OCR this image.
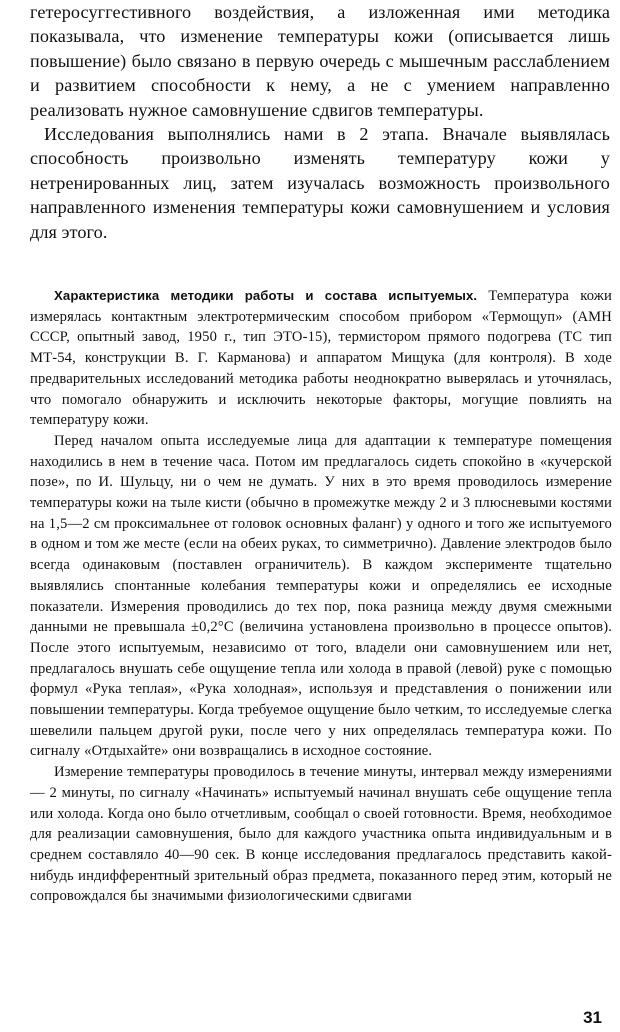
гетеросуггестивного воздействия, а изложенная ими методика показывала, что изменение температуры кожи (описывается лишь повышение) было связано в первую очередь с мышечным расслаблением и развитием способности к нему, а не с умением направленно реализовать нужное самовнушение сдвигов температуры.

Исследования выполнялись нами в 2 этапа. Вначале выявлялась способность произвольно изменять температуру кожи у нетренированных лиц, затем изучалась возможность произвольного направленного изменения температуры кожи самовнушением и условия для этого.

Характеристика методики работы и состава испытуемых. Температура кожи измерялась контактным электротермическим способом прибором «Термощуп» (АМН СССР, опытный завод, 1950 г., тип ЭТО-15), термистором прямого подогрева (ТС тип МТ-54, конструкции В. Г. Карманова) и аппаратом Мищука (для контроля). В ходе предварительных исследований методика работы неоднократно выверялась и уточнялась, что помогало обнаружить и исключить некоторые факторы, могущие повлиять на температуру кожи.

Перед началом опыта исследуемые лица для адаптации к температуре помещения находились в нем в течение часа. Потом им предлагалось сидеть спокойно в «кучерской позе», по И. Шульцу, ни о чем не думать. У них в это время проводилось измерение температуры кожи на тыле кисти (обычно в промежутке между 2 и 3 плюсневыми костями на 1,5—2 см проксимальнее от головок основных фаланг) у одного и того же испытуемого в одном и том же месте (если на обеих руках, то симметрично). Давление электродов было всегда одинаковым (поставлен ограничитель). В каждом эксперименте тщательно выявлялись спонтанные колебания температуры кожи и определялись ее исходные показатели. Измерения проводились до тех пор, пока разница между двумя смежными данными не превышала ±0,2°С (величина установлена произвольно в процессе опытов). После этого испытуемым, независимо от того, владели они самовнушением или нет, предлагалось внушать себе ощущение тепла или холода в правой (левой) руке с помощью формул «Рука теплая», «Рука холодная», используя и представления о понижении или повышении температуры. Когда требуемое ощущение было четким, то исследуемые слегка шевелили пальцем другой руки, после чего у них определялась температура кожи. По сигналу «Отдыхайте» они возвращались в исходное состояние.

Измерение температуры проводилось в течение минуты, интервал между измерениями — 2 минуты, по сигналу «Начинать» испытуемый начинал внушать себе ощущение тепла или холода. Когда оно было отчетливым, сообщал о своей готовности. Время, необходимое для реализации самовнушения, было для каждого участника опыта индивидуальным и в среднем составляло 40—90 сек. В конце исследования предлагалось представить какой-нибудь индифферентный зрительный образ предмета, показанного перед этим, который не сопровождался бы значимыми физиологическими сдвигами

31
